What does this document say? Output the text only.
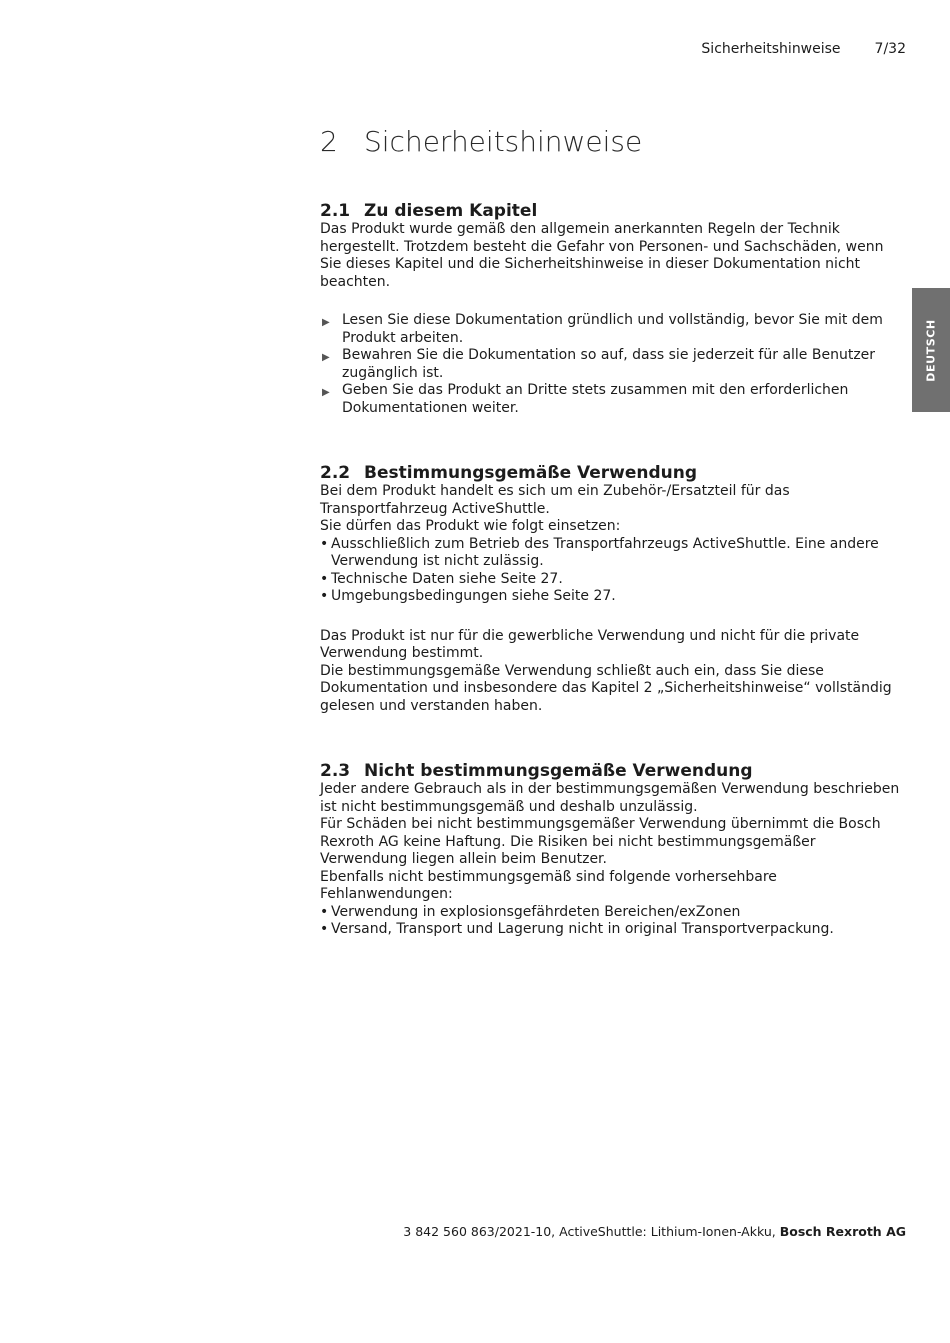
Sicherheitshinweise 7/32
DEUTSCH
2 Sicherheitshinweise
2.1 Zu diesem Kapitel

Das Produkt wurde gemäß den allgemein anerkannten Regeln der Technik hergestellt. Trotzdem besteht die Gefahr von Personen- und Sachschäden, wenn Sie dieses Kapitel und die Sicherheitshinweise in dieser Dokumentation nicht beachten.

▶ Lesen Sie diese Dokumentation gründlich und vollständig, bevor Sie mit dem Produkt arbeiten.
▶ Bewahren Sie die Dokumentation so auf, dass sie jederzeit für alle Benutzer zugänglich ist.
▶ Geben Sie das Produkt an Dritte stets zusammen mit den erforderlichen Dokumentationen weiter.
2.2 Bestimmungsgemäße Verwendung

Bei dem Produkt handelt es sich um ein Zubehör-/Ersatzteil für das Transportfahrzeug ActiveShuttle.

Sie dürfen das Produkt wie folgt einsetzen:

• Ausschließlich zum Betrieb des Transportfahrzeugs ActiveShuttle. Eine andere Verwendung ist nicht zulässig.
• Technische Daten siehe Seite 27.
• Umgebungsbedingungen siehe Seite 27.

Das Produkt ist nur für die gewerbliche Verwendung und nicht für die private Verwendung bestimmt.

Die bestimmungsgemäße Verwendung schließt auch ein, dass Sie diese Dokumentation und insbesondere das Kapitel 2 „Sicherheitshinweise“ vollständig gelesen und verstanden haben.

2.3 Nicht bestimmungsgemäße Verwendung

Jeder andere Gebrauch als in der bestimmungsgemäßen Verwendung beschrieben ist nicht bestimmungsgemäß und deshalb unzulässig.

Für Schäden bei nicht bestimmungsgemäßer Verwendung übernimmt die Bosch Rexroth AG keine Haftung. Die Risiken bei nicht bestimmungsgemäßer Verwendung liegen allein beim Benutzer.

Ebenfalls nicht bestimmungsgemäß sind folgende vorhersehbare Fehlanwendungen:

• Verwendung in explosionsgefährdeten Bereichen/exZonen
• Versand, Transport und Lagerung nicht in original Transportverpackung.
3 842 560 863/2021-10, ActiveShuttle: Lithium-Ionen-Akku, Bosch Rexroth AG
